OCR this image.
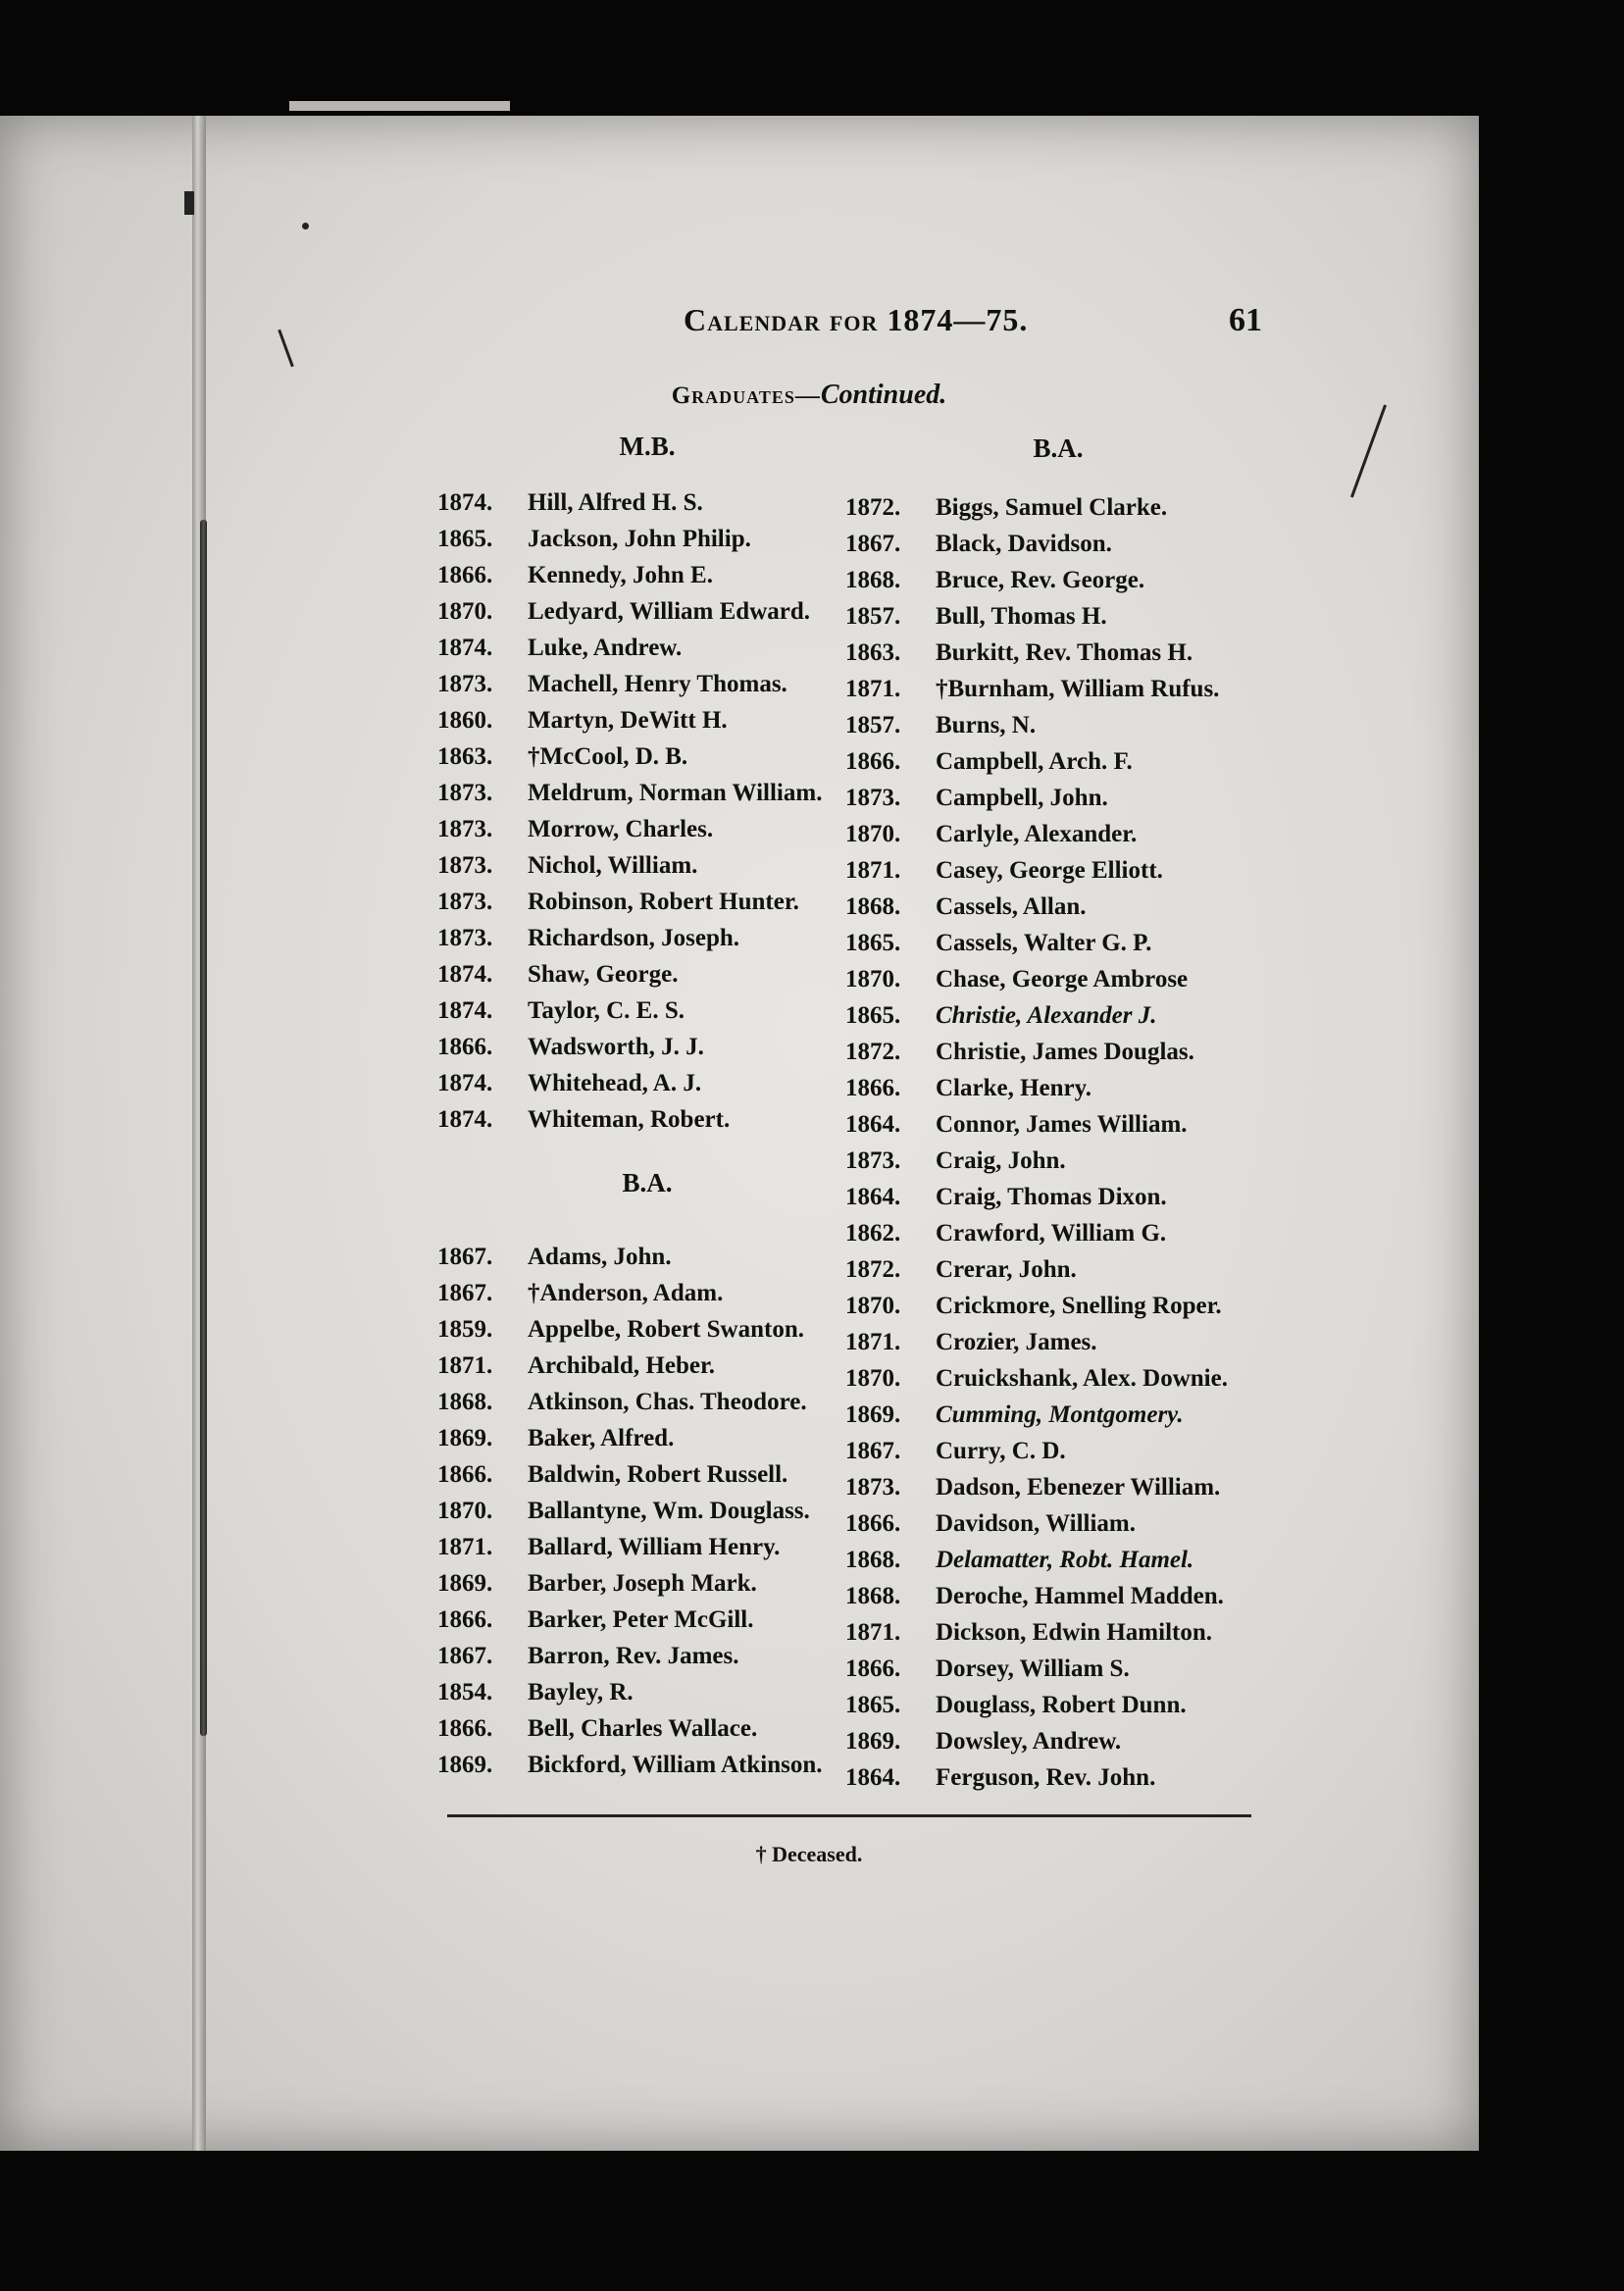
Calendar for 1874—75.	61
Graduates—Continued.
M.B.	B.A.
1874. Hill, Alfred H. S.
1865. Jackson, John Philip.
1866. Kennedy, John E.
1870. Ledyard, William Edward.
1874. Luke, Andrew.
1873. Machell, Henry Thomas.
1860. Martyn, DeWitt H.
1863. †McCool, D. B.
1873. Meldrum, Norman William.
1873. Morrow, Charles.
1873. Nichol, William.
1873. Robinson, Robert Hunter.
1873. Richardson, Joseph.
1874. Shaw, George.
1874. Taylor, C. E. S.
1866. Wadsworth, J. J.
1874. Whitehead, A. J.
1874. Whiteman, Robert.
B.A.
1867. Adams, John.
1867. †Anderson, Adam.
1859. Appelbe, Robert Swanton.
1871. Archibald, Heber.
1868. Atkinson, Chas. Theodore.
1869. Baker, Alfred.
1866. Baldwin, Robert Russell.
1870. Ballantyne, Wm. Douglass.
1871. Ballard, William Henry.
1869. Barber, Joseph Mark.
1866. Barker, Peter McGill.
1867. Barron, Rev. James.
1854. Bayley, R.
1866. Bell, Charles Wallace.
1869. Bickford, William Atkinson.
1872. Biggs, Samuel Clarke.
1867. Black, Davidson.
1868. Bruce, Rev. George.
1857. Bull, Thomas H.
1863. Burkitt, Rev. Thomas H.
1871. †Burnham, William Rufus.
1857. Burns, N.
1866. Campbell, Arch. F.
1873. Campbell, John.
1870. Carlyle, Alexander.
1871. Casey, George Elliott.
1868. Cassels, Allan.
1865. Cassels, Walter G. P.
1870. Chase, George Ambrose
1865. Christie, Alexander J.
1872. Christie, James Douglas.
1866. Clarke, Henry.
1864. Connor, James William.
1873. Craig, John.
1864. Craig, Thomas Dixon.
1862. Crawford, William G.
1872. Crerar, John.
1870. Crickmore, Snelling Roper.
1871. Crozier, James.
1870. Cruickshank, Alex. Downie.
1869. Cumming, Montgomery.
1867. Curry, C. D.
1873. Dadson, Ebenezer William.
1866. Davidson, William.
1868. Delamatter, Robt. Hamel.
1868. Deroche, Hammel Madden.
1871. Dickson, Edwin Hamilton.
1866. Dorsey, William S.
1865. Douglass, Robert Dunn.
1869. Dowsley, Andrew.
1864. Ferguson, Rev. John.
† Deceased.
